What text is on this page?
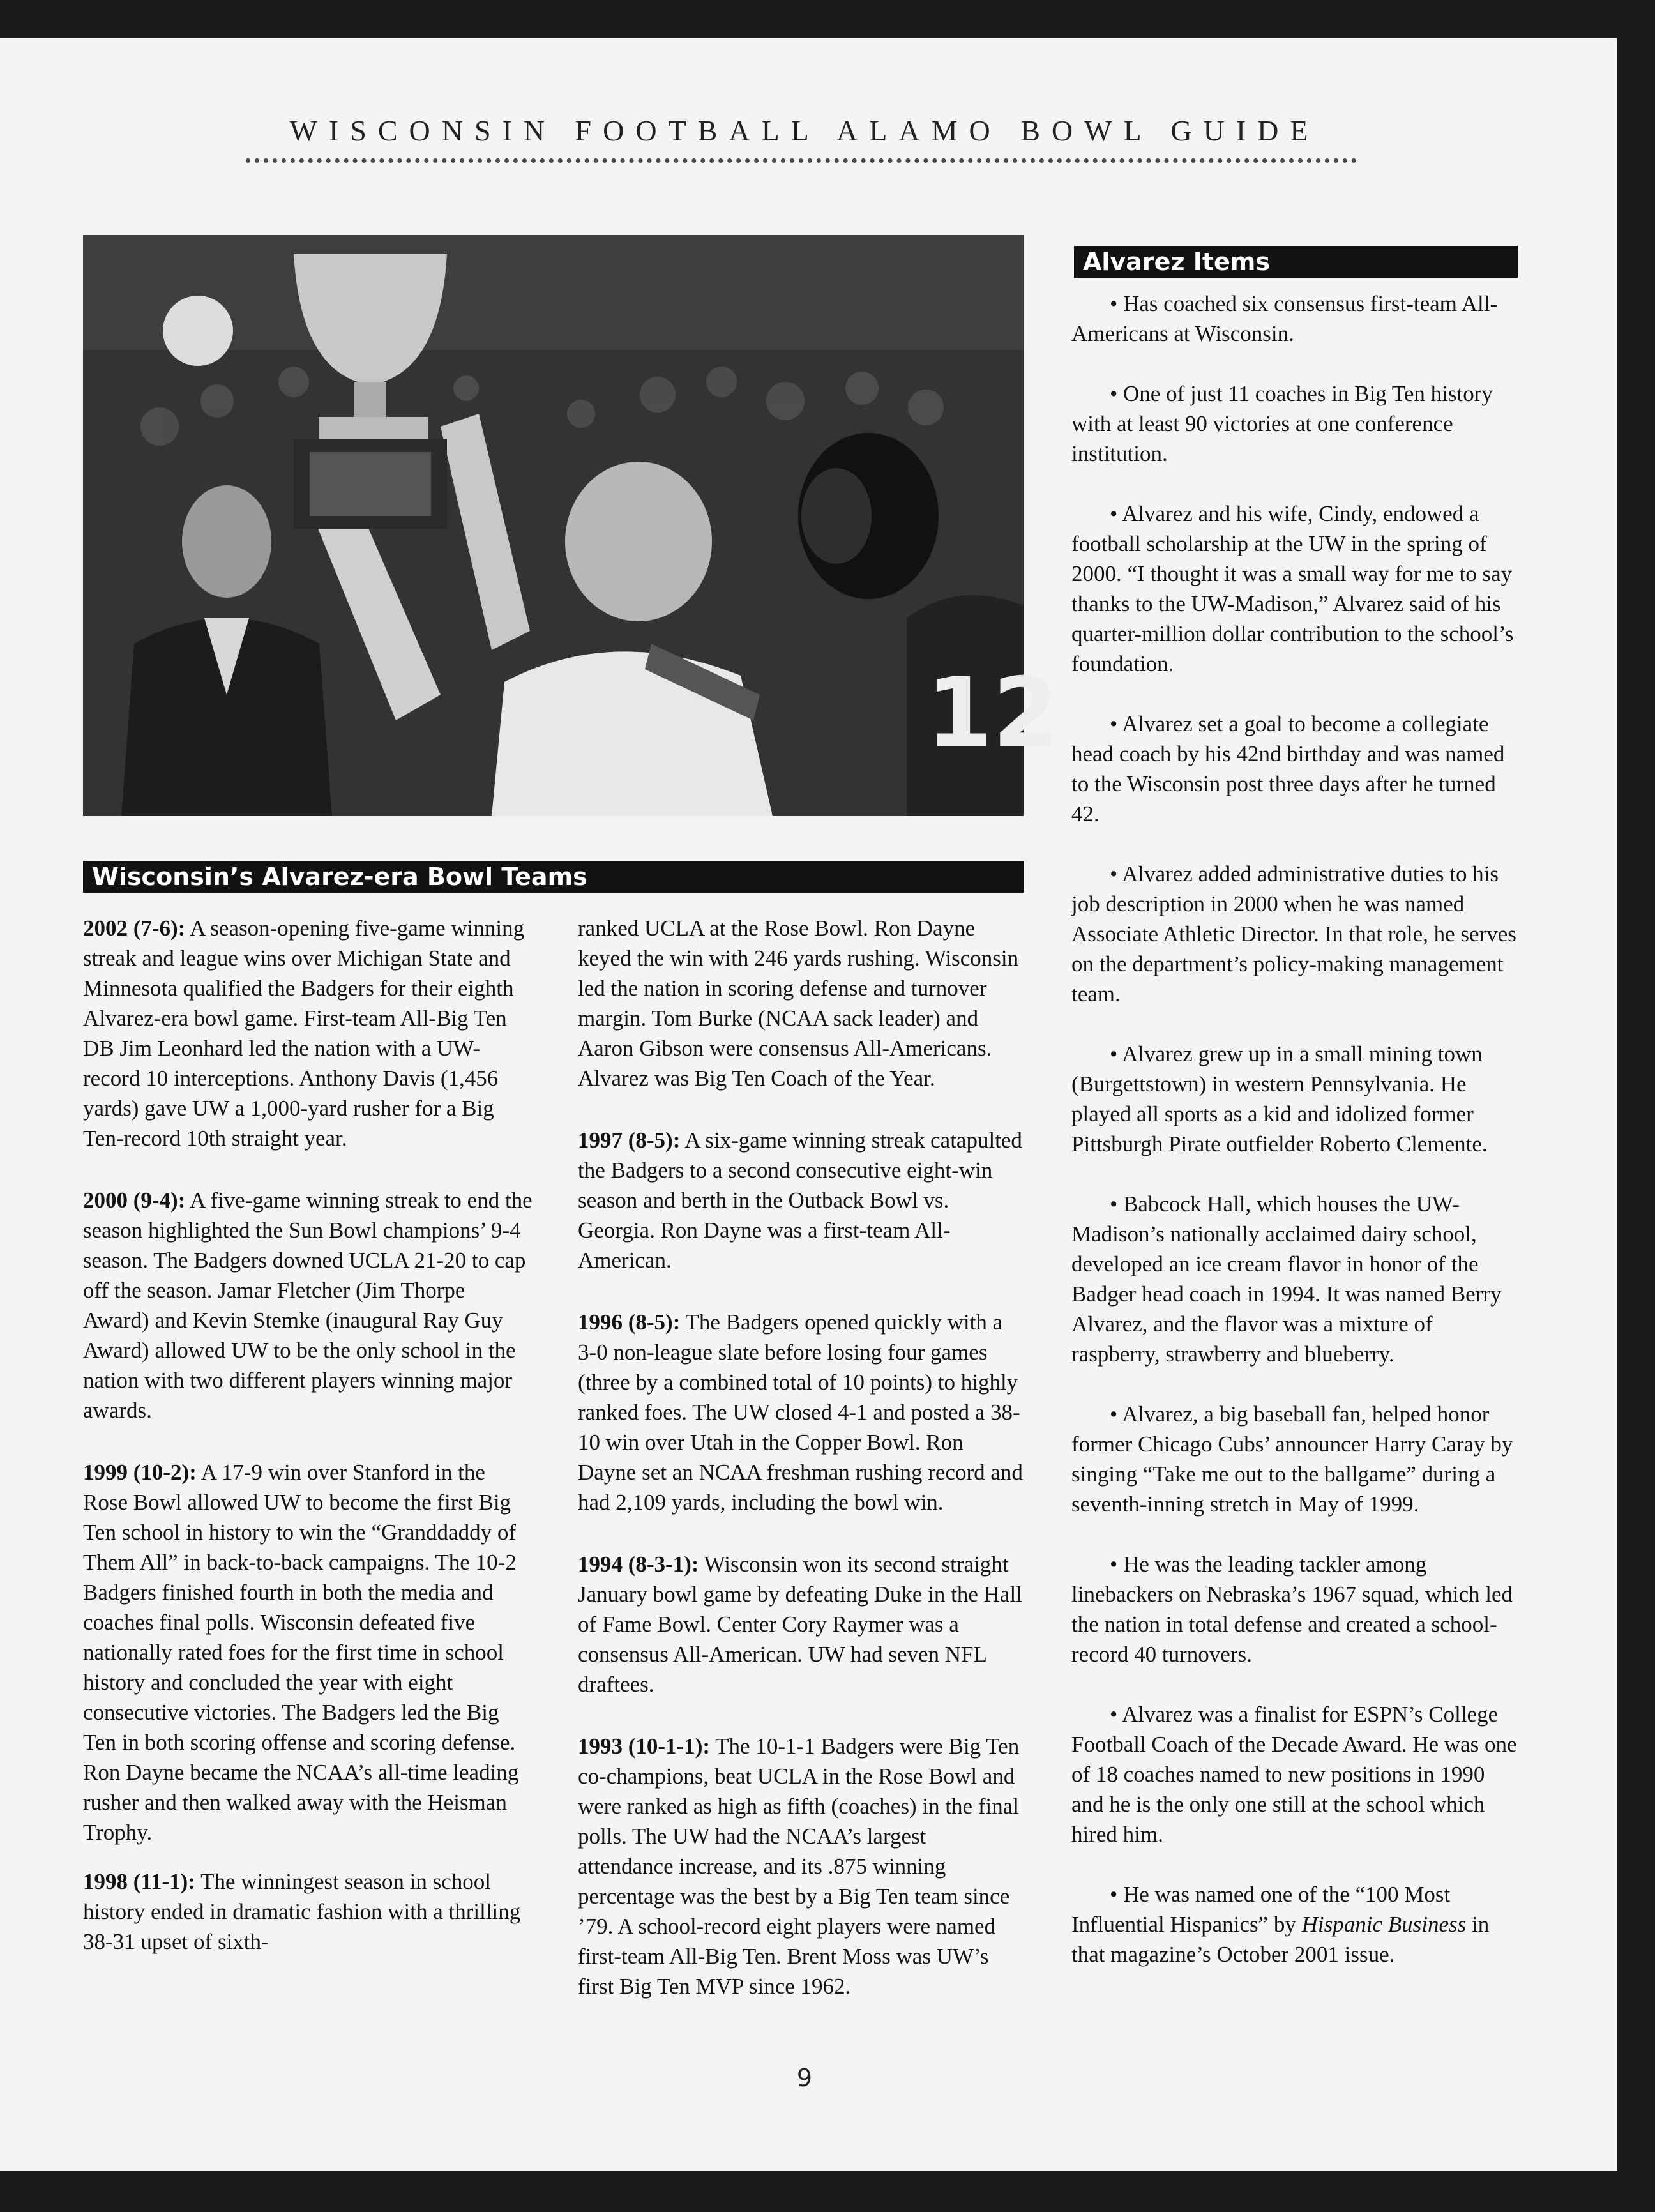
WISCONSIN FOOTBALL ALAMO BOWL GUIDE
12
Alvarez Items

• Has coached six consensus first-team All-Americans at Wisconsin.

• One of just 11 coaches in Big Ten history with at least 90 victories at one conference institution.

• Alvarez and his wife, Cindy, endowed a football scholarship at the UW in the spring of 2000. “I thought it was a small way for me to say thanks to the UW-Madison,” Alvarez said of his quarter-million dollar contribution to the school’s foundation.

• Alvarez set a goal to become a collegiate head coach by his 42nd birthday and was named to the Wisconsin post three days after he turned 42.

• Alvarez added administrative duties to his job description in 2000 when he was named Associate Athletic Director. In that role, he serves on the department’s policy-making management team.

• Alvarez grew up in a small mining town (Burgettstown) in western Pennsylvania. He played all sports as a kid and idolized former Pittsburgh Pirate outfielder Roberto Clemente.

• Babcock Hall, which houses the UW-Madison’s nationally acclaimed dairy school, developed an ice cream flavor in honor of the Badger head coach in 1994. It was named Berry Alvarez, and the flavor was a mixture of raspberry, strawberry and blueberry.

• Alvarez, a big baseball fan, helped honor former Chicago Cubs’ announcer Harry Caray by singing “Take me out to the ballgame” during a seventh-inning stretch in May of 1999.

• He was the leading tackler among linebackers on Nebraska’s 1967 squad, which led the nation in total defense and created a school-record 40 turnovers.

• Alvarez was a finalist for ESPN’s College Football Coach of the Decade Award. He was one of 18 coaches named to new positions in 1990 and he is the only one still at the school which hired him.

• He was named one of the “100 Most Influential Hispanics” by Hispanic Business in that magazine’s October 2001 issue.

Wisconsin’s Alvarez-era Bowl Teams

2002 (7-6): A season-opening five-game winning streak and league wins over Michigan State and Minnesota qualified the Badgers for their eighth Alvarez-era bowl game. First-team All-Big Ten DB Jim Leonhard led the nation with a UW-record 10 interceptions. Anthony Davis (1,456 yards) gave UW a 1,000-yard rusher for a Big Ten-record 10th straight year.

2000 (9-4): A five-game winning streak to end the season highlighted the Sun Bowl champions’ 9-4 season. The Badgers downed UCLA 21-20 to cap off the season. Jamar Fletcher (Jim Thorpe Award) and Kevin Stemke (inaugural Ray Guy Award) allowed UW to be the only school in the nation with two different players winning major awards.

1999 (10-2): A 17-9 win over Stanford in the Rose Bowl allowed UW to become the first Big Ten school in history to win the “Granddaddy of Them All” in back-to-back campaigns. The 10-2 Badgers finished fourth in both the media and coaches final polls. Wisconsin defeated five nationally rated foes for the first time in school history and concluded the year with eight consecutive victories. The Badgers led the Big Ten in both scoring offense and scoring defense. Ron Dayne became the NCAA’s all-time leading rusher and then walked away with the Heisman Trophy.

1998 (11-1): The winningest season in school history ended in dramatic fashion with a thrilling 38-31 upset of sixth-

ranked UCLA at the Rose Bowl. Ron Dayne keyed the win with 246 yards rushing. Wisconsin led the nation in scoring defense and turnover margin. Tom Burke (NCAA sack leader) and Aaron Gibson were consensus All-Americans. Alvarez was Big Ten Coach of the Year.

1997 (8-5): A six-game winning streak catapulted the Badgers to a second consecutive eight-win season and berth in the Outback Bowl vs. Georgia. Ron Dayne was a first-team All-American.

1996 (8-5): The Badgers opened quickly with a 3-0 non-league slate before losing four games (three by a combined total of 10 points) to highly ranked foes. The UW closed 4-1 and posted a 38-10 win over Utah in the Copper Bowl. Ron Dayne set an NCAA freshman rushing record and had 2,109 yards, including the bowl win.

1994 (8-3-1): Wisconsin won its second straight January bowl game by defeating Duke in the Hall of Fame Bowl. Center Cory Raymer was a consensus All-American. UW had seven NFL draftees.

1993 (10-1-1): The 10-1-1 Badgers were Big Ten co-champions, beat UCLA in the Rose Bowl and were ranked as high as fifth (coaches) in the final polls. The UW had the NCAA’s largest attendance increase, and its .875 winning percentage was the best by a Big Ten team since ’79. A school-record eight players were named first-team All-Big Ten. Brent Moss was UW’s first Big Ten MVP since 1962.

9
